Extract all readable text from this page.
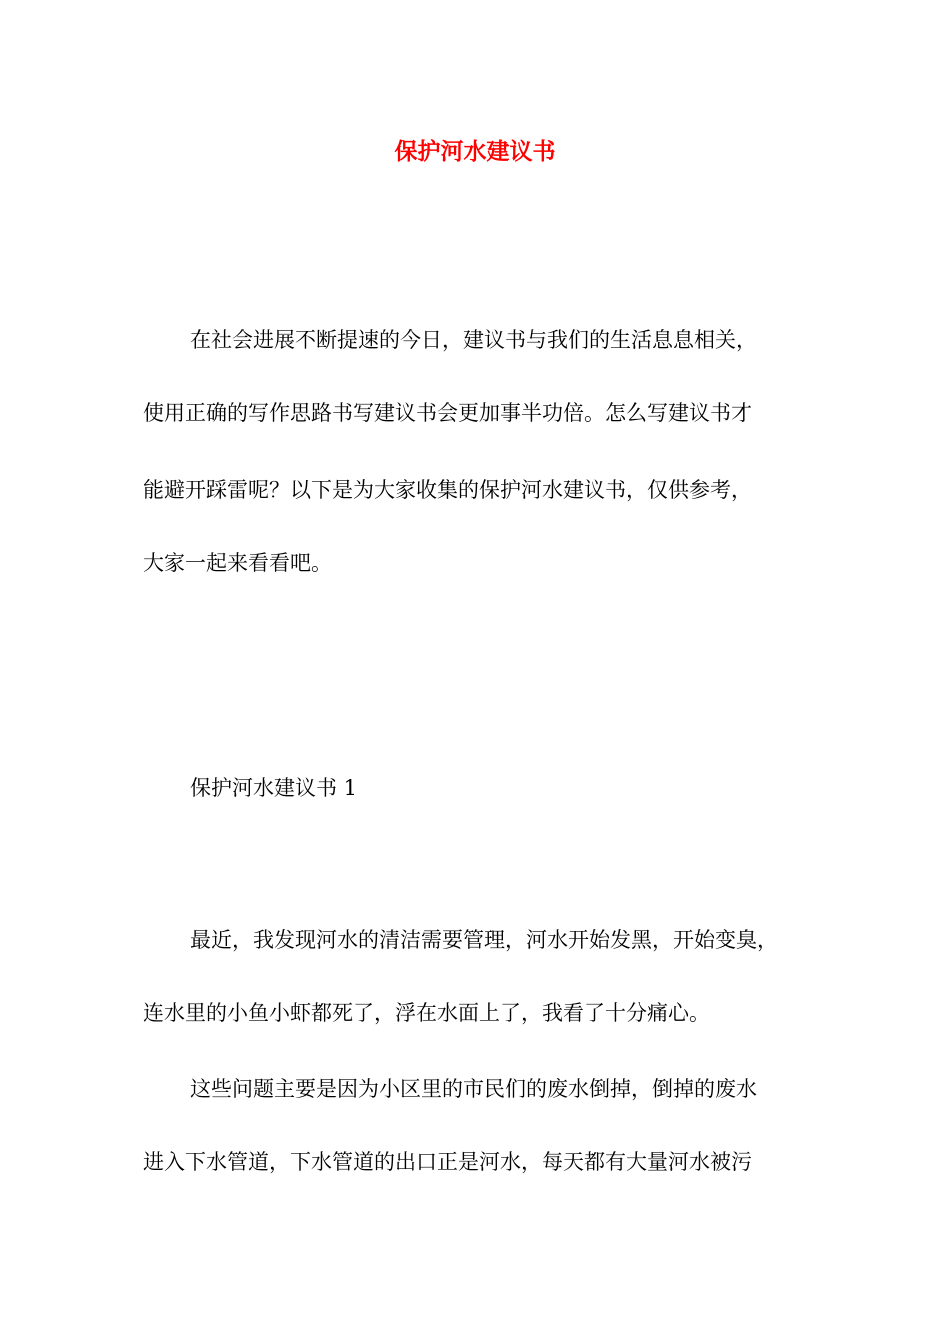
保护河水建议书

在社会进展不断提速的今日，建议书与我们的生活息息相关，

使用正确的写作思路书写建议书会更加事半功倍。怎么写建议书才

能避开踩雷呢？以下是为大家收集的保护河水建议书，仅供参考，

大家一起来看看吧。

保护河水建议书 1

最近，我发现河水的清洁需要管理，河水开始发黑，开始变臭，

连水里的小鱼小虾都死了，浮在水面上了，我看了十分痛心。

这些问题主要是因为小区里的市民们的废水倒掉，倒掉的废水

进入下水管道，下水管道的出口正是河水，每天都有大量河水被污
